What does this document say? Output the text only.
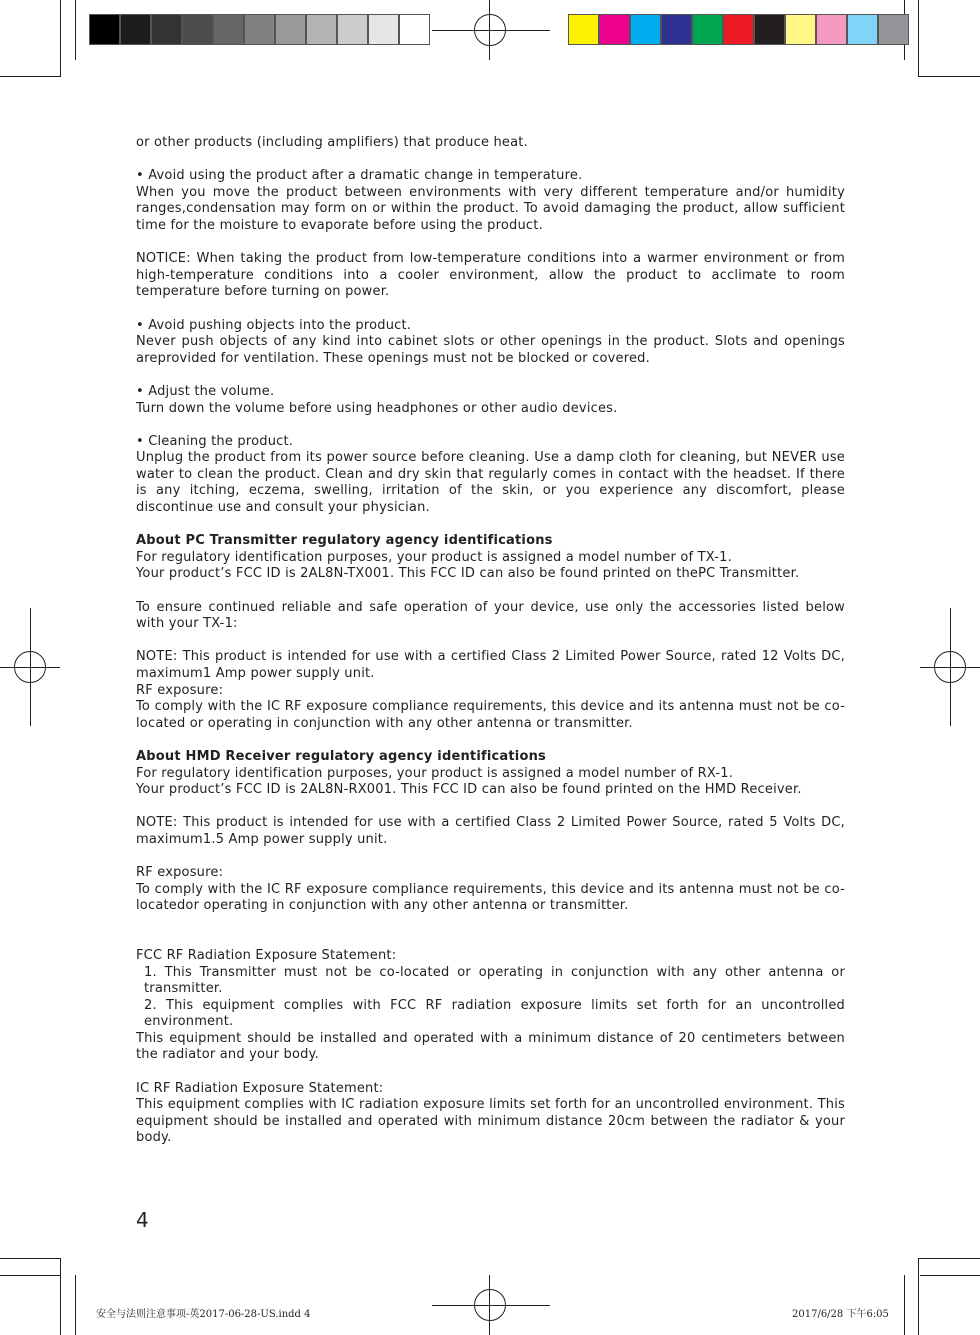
or other products (including amplifiers) that produce heat.

• Avoid using the product after a dramatic change in temperature.

When you move the product between environments with very different temperature and/or humidity ranges,condensation may form on or within the product. To avoid damaging the product, allow sufficient time for the moisture to evaporate before using the product.

NOTICE: When taking the product from low-temperature conditions into a warmer environment or from high-temperature conditions into a cooler environment, allow the product to acclimate to room temperature before turning on power.

• Avoid pushing objects into the product.

Never push objects of any kind into cabinet slots or other openings in the product. Slots and openings areprovided for ventilation. These openings must not be blocked or covered.

• Adjust the volume.

Turn down the volume before using headphones or other audio devices.

• Cleaning the product.

Unplug the product from its power source before cleaning. Use a damp cloth for cleaning, but NEVER use water to clean the product. Clean and dry skin that regularly comes in contact with the headset. If there is any itching, eczema, swelling, irritation of the skin, or you experience any discomfort, please discontinue use and consult your physician.

About PC Transmitter regulatory agency identifications

For regulatory identification purposes, your product is assigned a model number of TX-1.

Your product’s FCC ID is 2AL8N-TX001. This FCC ID can also be found printed on thePC Transmitter.

To ensure continued reliable and safe operation of your device, use only the accessories listed below with your TX-1:

NOTE: This product is intended for use with a certified Class 2 Limited Power Source, rated 12 Volts DC, maximum1 Amp power supply unit.

RF exposure:

To comply with the IC RF exposure compliance requirements, this device and its antenna must not be co-located or operating in conjunction with any other antenna or transmitter.

About HMD Receiver regulatory agency identifications

For regulatory identification purposes, your product is assigned a model number of RX-1.

Your product’s FCC ID is 2AL8N-RX001. This FCC ID can also be found printed on the HMD Receiver.

NOTE: This product is intended for use with a certified Class 2 Limited Power Source, rated 5 Volts DC, maximum1.5 Amp power supply unit.

RF exposure:

To comply with the IC RF exposure compliance requirements, this device and its antenna must not be co-locatedor operating in conjunction with any other antenna or transmitter.

FCC RF Radiation Exposure Statement:

1. This Transmitter must not be co-located or operating in conjunction with any other antenna or transmitter.

2. This equipment complies with FCC RF radiation exposure limits set forth for an uncontrolled environment.

This equipment should be installed and operated with a minimum distance of 20 centimeters between the radiator and your body.

IC RF Radiation Exposure Statement:

This equipment complies with IC radiation exposure limits set forth for an uncontrolled environment. This equipment should be installed and operated with minimum distance 20cm between the radiator & your body.

4
安全与法则注意事项-英2017-06-28-US.indd 4	2017/6/28 下午6:05
